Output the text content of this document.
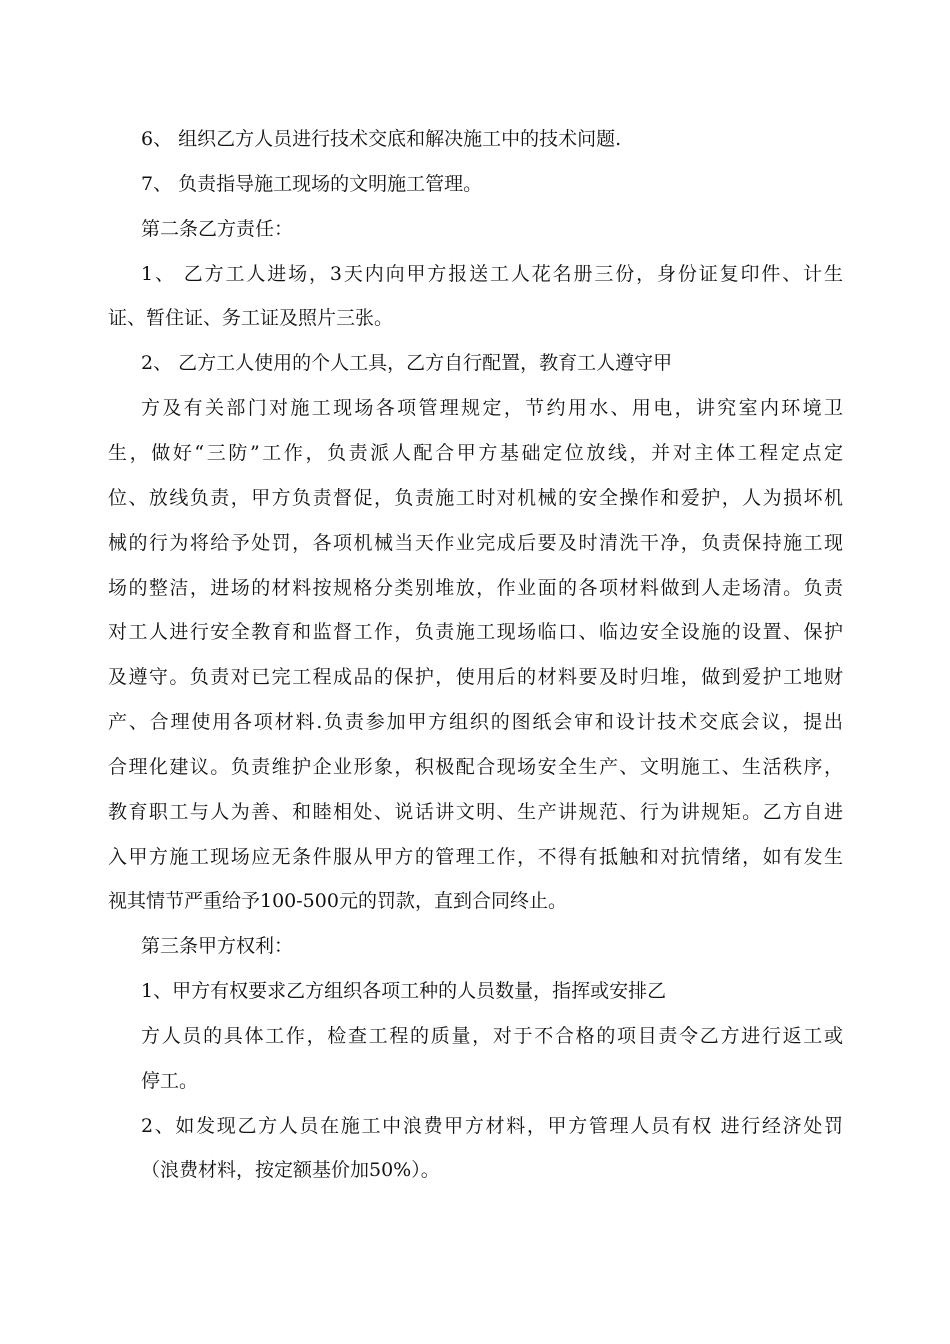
6、 组织乙方人员进行技术交底和解决施工中的技术问题.
7、 负责指导施工现场的文明施工管理。
第二条乙方责任：
1、 乙方工人进场，3天内向甲方报送工人花名册三份，身份证复印件、计生
证、暂住证、务工证及照片三张。
2、 乙方工人使用的个人工具，乙方自行配置，教育工人遵守甲
方及有关部门对施工现场各项管理规定，节约用水、用电，讲究室内环境卫
生，做好“三防”工作，负责派人配合甲方基础定位放线，并对主体工程定点定
位、放线负责，甲方负责督促，负责施工时对机械的安全操作和爱护，人为损坏机
械的行为将给予处罚，各项机械当天作业完成后要及时清洗干净，负责保持施工现
场的整洁，进场的材料按规格分类别堆放，作业面的各项材料做到人走场清。负责
对工人进行安全教育和监督工作，负责施工现场临口、临边安全设施的设置、保护
及遵守。负责对已完工程成品的保护，使用后的材料要及时归堆，做到爱护工地财
产、合理使用各项材料.负责参加甲方组织的图纸会审和设计技术交底会议，提出
合理化建议。负责维护企业形象，积极配合现场安全生产、文明施工、生活秩序，
教育职工与人为善、和睦相处、说话讲文明、生产讲规范、行为讲规矩。乙方自进
入甲方施工现场应无条件服从甲方的管理工作，不得有抵触和对抗情绪，如有发生
视其情节严重给予100-500元的罚款，直到合同终止。
第三条甲方权利：
1、甲方有权要求乙方组织各项工种的人员数量，指挥或安排乙
方人员的具体工作，检查工程的质量，对于不合格的项目责令乙方进行返工或
停工。
2、如发现乙方人员在施工中浪费甲方材料，甲方管理人员有权 进行经济处罚
（浪费材料，按定额基价加50%）。
